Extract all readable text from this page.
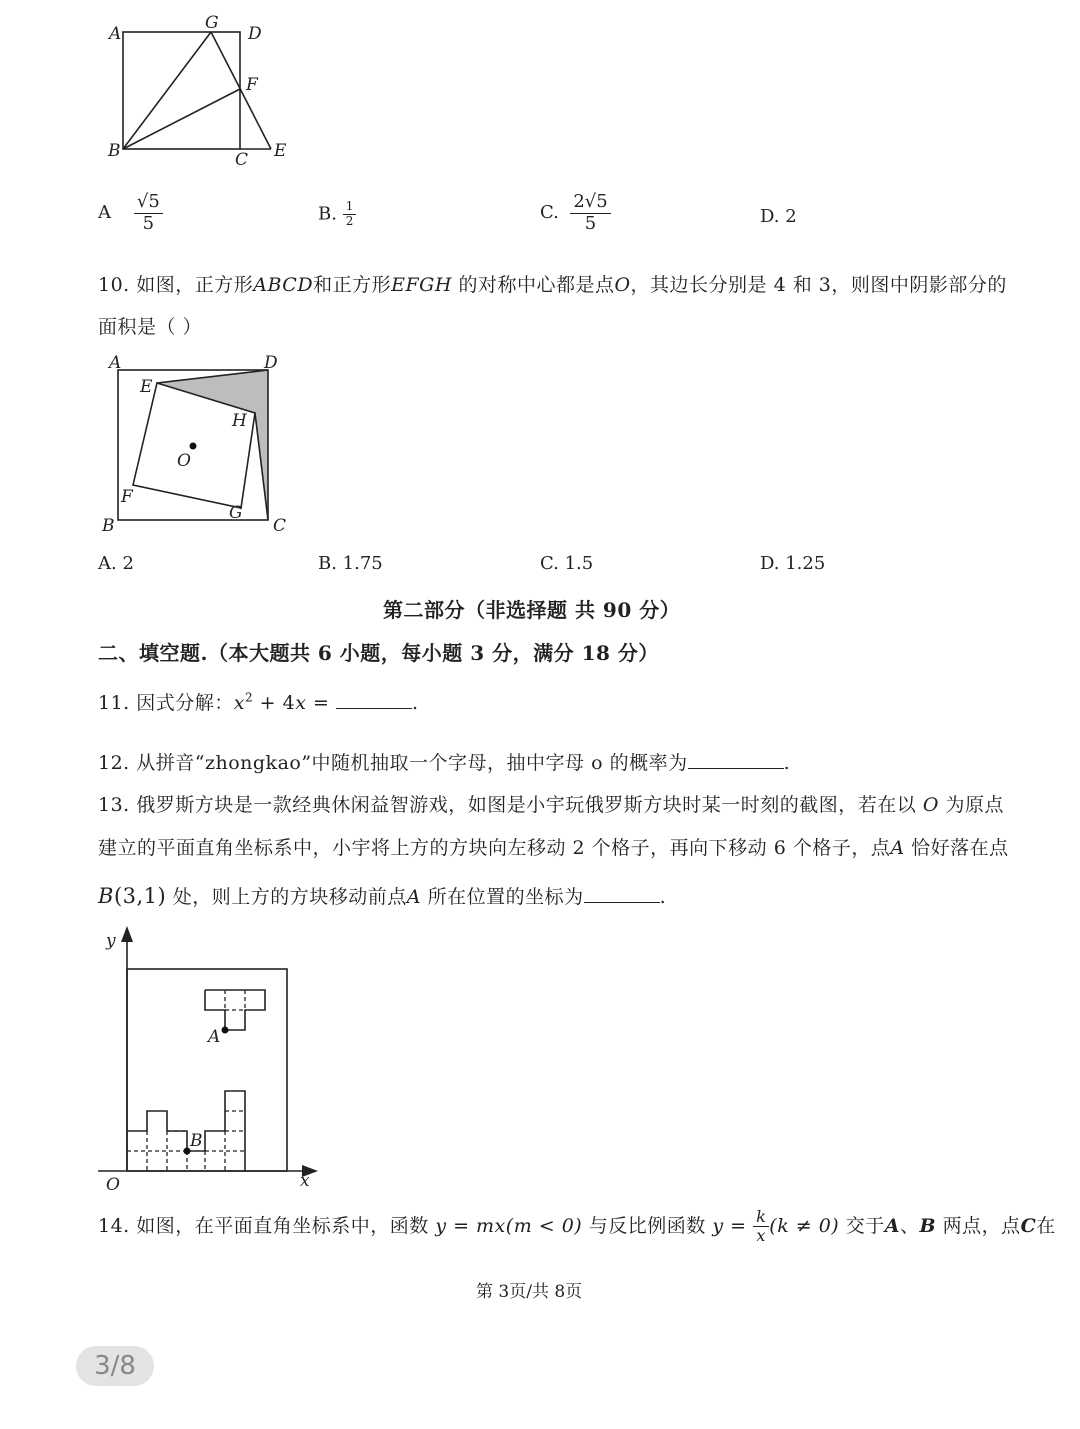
A
G
D
F
B	C E
A $\frac{√5}{5}$	B. $\frac{1}{2}$	C. $\frac{2√5}{5}$	D. 2
10. 如图，正方形ABCD和正方形EFGH 的对称中心都是点O，其边长分别是 4 和 3，则图中阴影部分的
面积是（ ）
A	D
E
H
O
F
G
B	C
A. 2	B. 1.75	C. 1.5	D. 1.25
第二部分（非选择题 共 90 分）
二、填空题.（本大题共 6 小题，每小题 3 分，满分 18 分）
11. 因式分解：$x^2 + 4x$ =	.
12. 从拼音“zhongkao”中随机抽取一个字母，抽中字母 o 的概率为	.
13. 俄罗斯方块是一款经典休闲益智游戏，如图是小宇玩俄罗斯方块时某一时刻的截图，若在以 O 为原点
建立的平面直角坐标系中，小宇将上方的方块向左移动 2 个格子，再向下移动 6 个格子，点A 恰好落在点
B(3,1) 处，则上方的方块移动前点A 所在位置的坐标为	.
y
x
O
A
B
14. 如图，在平面直角坐标系中，函数 y = mx(m < 0) 与反比例函数 $y = \frac{k}{x} (k \ne 0)$ 交于A、B 两点，点C在
第 3页/共 8页
3/8
